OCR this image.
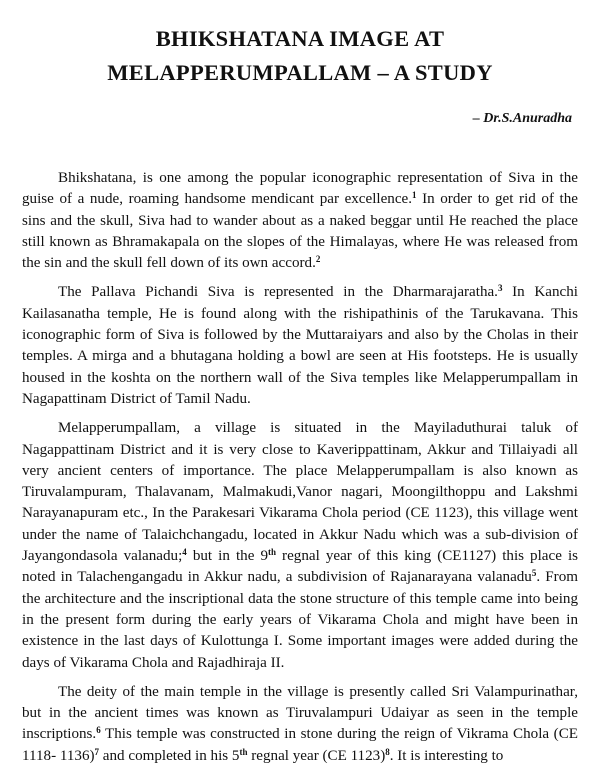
BHIKSHATANA IMAGE AT
MELAPPERUMPALLAM – A STUDY
– Dr.S.Anuradha

Bhikshatana, is one among the popular iconographic representation of Siva in the guise of a nude, roaming handsome mendicant par excellence.$^1$ In order to get rid of the sins and the skull, Siva had to wander about as a naked beggar until He reached the place still known as Bhramakapala on the slopes of the Himalayas, where He was released from the sin and the skull fell down of its own accord.$^2$

The Pallava Pichandi Siva is represented in the Dharmarajaratha.$^3$ In Kanchi Kailasanatha temple, He is found along with the rishipathinis of the Tarukavana. This iconographic form of Siva is followed by the Muttaraiyars and also by the Cholas in their temples. A mirga and a bhutagana holding a bowl are seen at His footsteps. He is usually housed in the koshta on the northern wall of the Siva temples like Melapperumpallam in Nagapattinam District of Tamil Nadu.

Melapperumpallam, a village is situated in the Mayiladuthurai taluk of Nagappattinam District and it is very close to Kaverippattinam, Akkur and Tillaiyadi all very ancient centers of importance. The place Melapperumpallam is also known as Tiruvalampuram, Thalavanam, Malmakudi,Vanor nagari, Moongilthoppu and Lakshmi Narayanapuram etc., In the Parakesari Vikarama Chola period (CE 1123), this village went under the name of Talaichchangadu, located in Akkur Nadu which was a sub-division of Jayangondasola valanadu;$^4$ but in the 9th regnal year of this king (CE1127) this place is noted in Talachengangadu in Akkur nadu, a subdivision of Rajanarayana valanadu$^5$. From the architecture and the inscriptional data the stone structure of this temple came into being in the present form during the early years of Vikarama Chola and might have been in existence in the last days of Kulottunga I. Some important images were added during the days of Vikarama Chola and Rajadhiraja II.

The deity of the main temple in the village is presently called Sri Valampurinathar, but in the ancient times was known as Tiruvalampuri Udaiyar as seen in the temple inscriptions.$^6$ This temple was constructed in stone during the reign of Vikrama Chola (CE 1118- 1136)$^7$ and completed in his 5th regnal year (CE 1123)$^8$. It is interesting to
